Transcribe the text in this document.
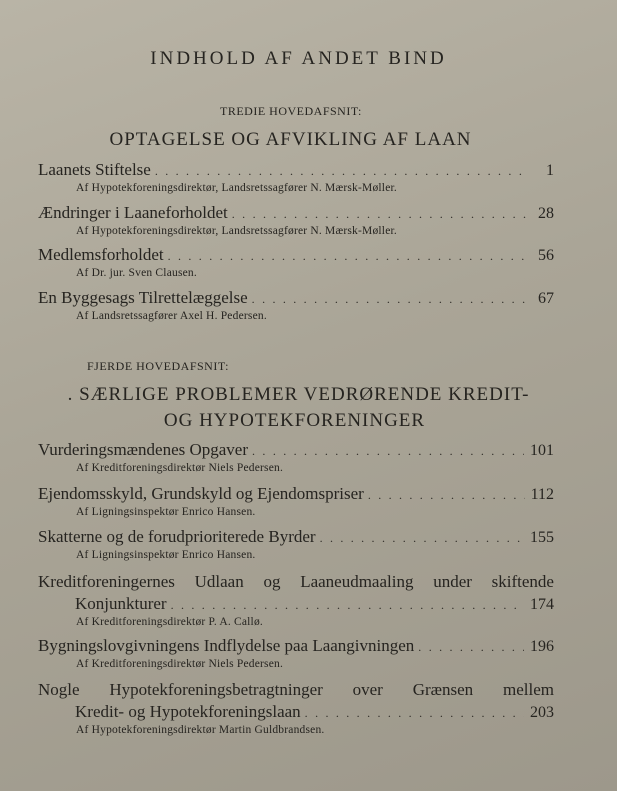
INDHOLD AF ANDET BIND
TREDIE HOVEDAFSNIT:
OPTAGELSE OG AFVIKLING AF LAAN
Laanets Stiftelse . . .	1
Af Hypotekforeningsdirektør, Landsretssagfører N. Mærsk-Møller.
Ændringer i Laaneforholdet . . .	28
Af Hypotekforeningsdirektør, Landsretssagfører N. Mærsk-Møller.
Medlemsforholdet . . .	56
Af Dr. jur. Sven Clausen.
En Byggesags Tilrettelæggelse . . .	67
Af Landsretssagfører Axel H. Pedersen.
FJERDE HOVEDAFSNIT:
. SÆRLIGE PROBLEMER VEDRØRENDE KREDIT-
OG HYPOTEKFORENINGER
Vurderingsmændenes Opgaver . . .	101
Af Kreditforeningsdirektør Niels Pedersen.
Ejendomsskyld, Grundskyld og Ejendomspriser . . .	112
Af Ligningsinspektør Enrico Hansen.
Skatterne og de forudprioriterede Byrder . . .	155
Af Ligningsinspektør Enrico Hansen.
Kreditforeningernes Udlaan og Laaneudmaaling under skiftende
Konjunkturer . . .	174
Af Kreditforeningsdirektør P. A. Callø.
Bygningslovgivningens Indflydelse paa Laangivningen . . .	196
Af Kreditforeningsdirektør Niels Pedersen.
Nogle Hypotekforeningsbetragtninger over Grænsen mellem
Kredit- og Hypotekforeningslaan . . .	203
Af Hypotekforeningsdirektør Martin Guldbrandsen.
